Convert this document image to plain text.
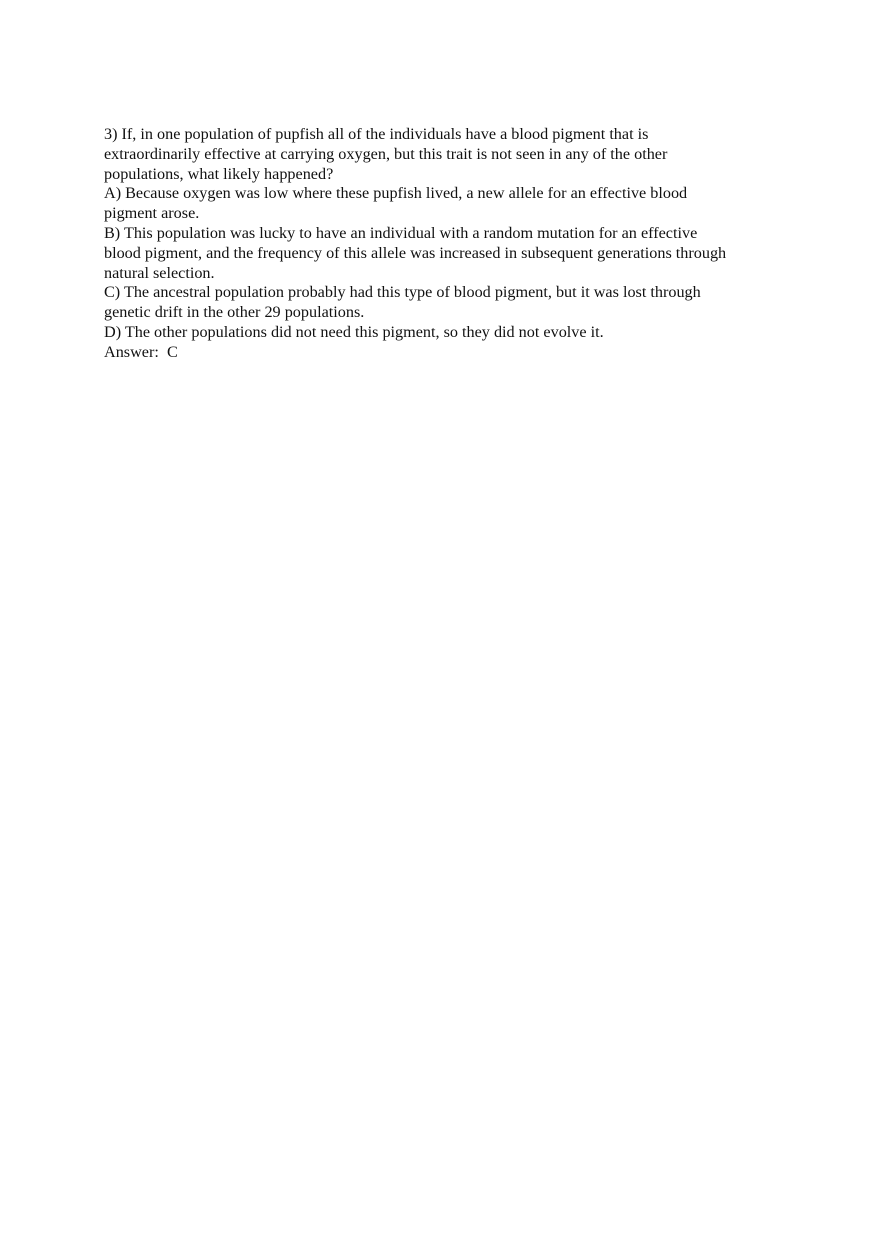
3) If, in one population of pupfish all of the individuals have a blood pigment that is
extraordinarily effective at carrying oxygen, but this trait is not seen in any of the other
populations, what likely happened?
A) Because oxygen was low where these pupfish lived, a new allele for an effective blood
pigment arose.
B) This population was lucky to have an individual with a random mutation for an effective
blood pigment, and the frequency of this allele was increased in subsequent generations through
natural selection.
C) The ancestral population probably had this type of blood pigment, but it was lost through
genetic drift in the other 29 populations.
D) The other populations did not need this pigment, so they did not evolve it.
Answer:  C
